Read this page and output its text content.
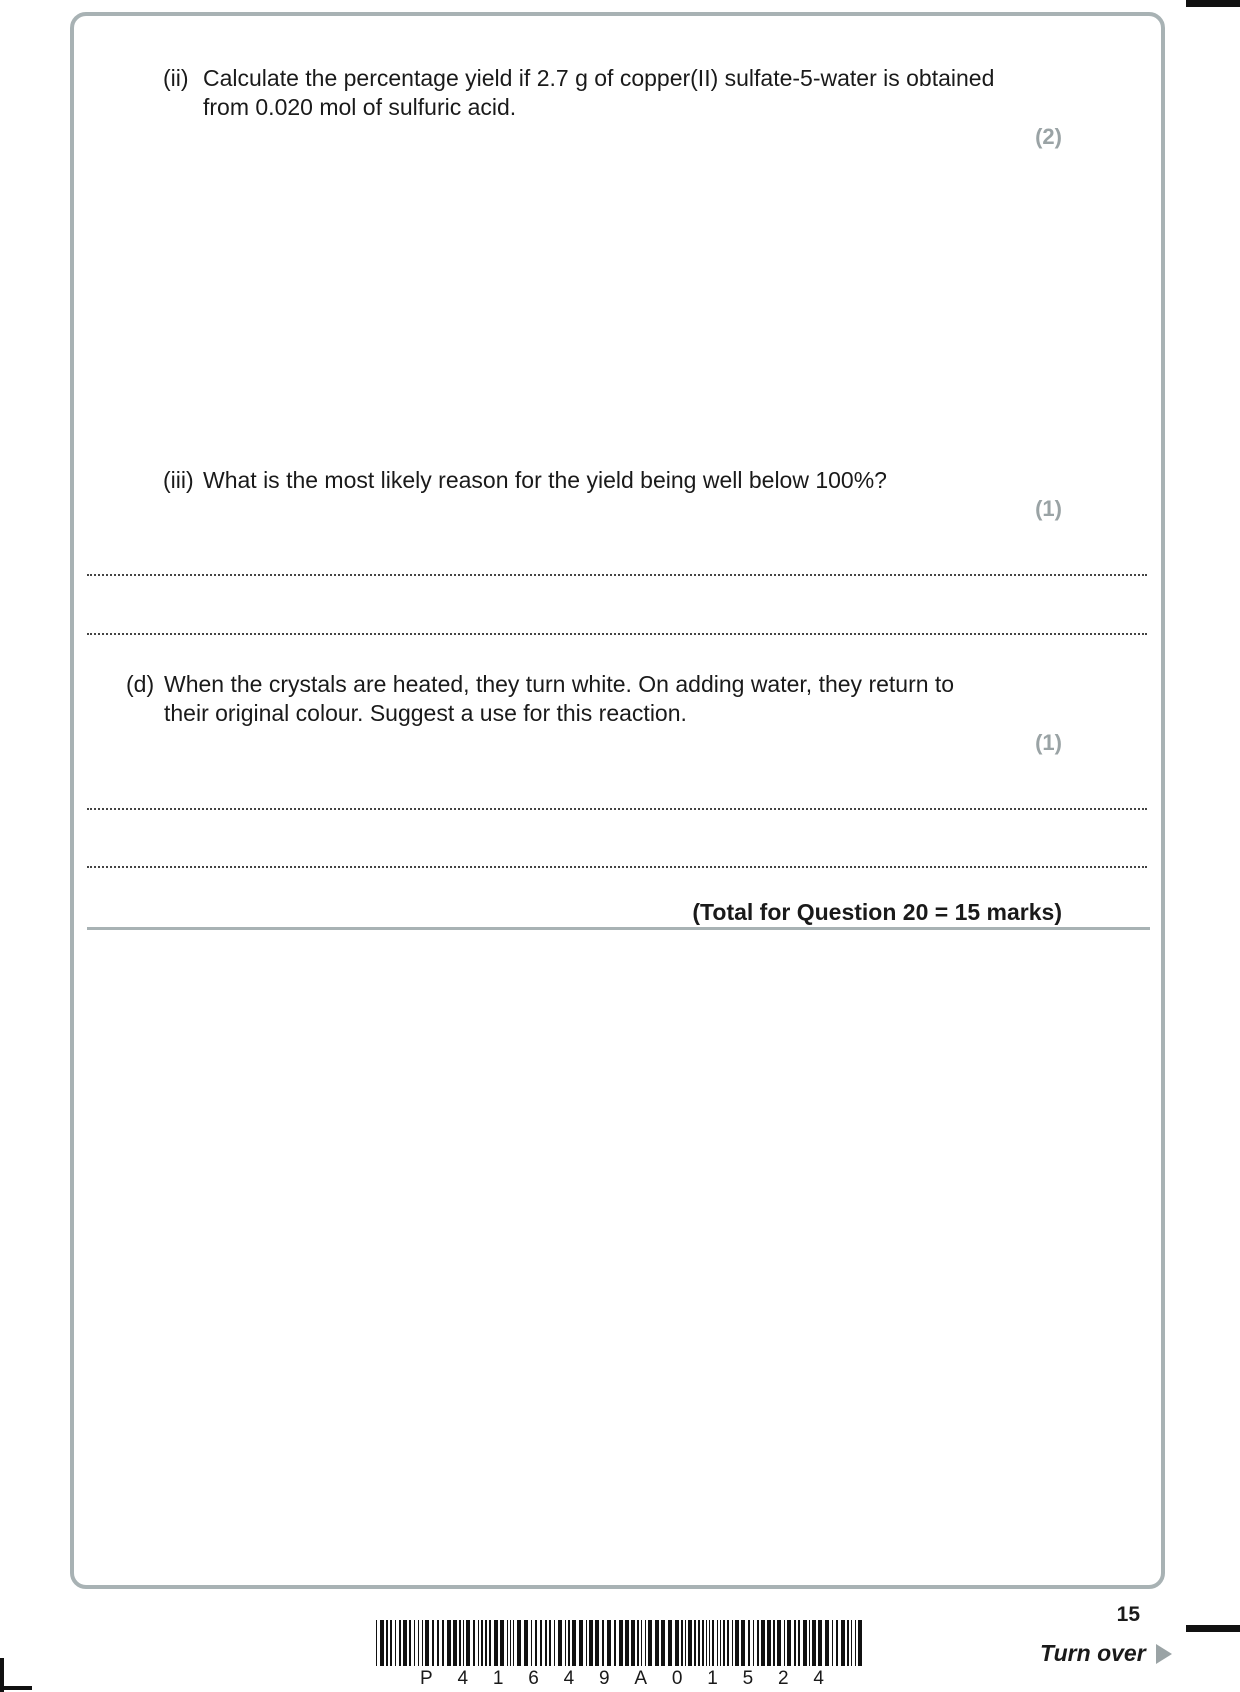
(ii) Calculate the percentage yield if 2.7 g of copper(II) sulfate-5-water is obtained
from 0.020 mol of sulfuric acid.
(2)
(iii) What is the most likely reason for the yield being well below 100%?
(1)
(d) When the crystals are heated, they turn white. On adding water, they return to
their original colour. Suggest a use for this reaction.
(1)
(Total for Question 20 = 15 marks)
P 4 1 6 4 9 A 0 1 5 2 4
15
Turn over
